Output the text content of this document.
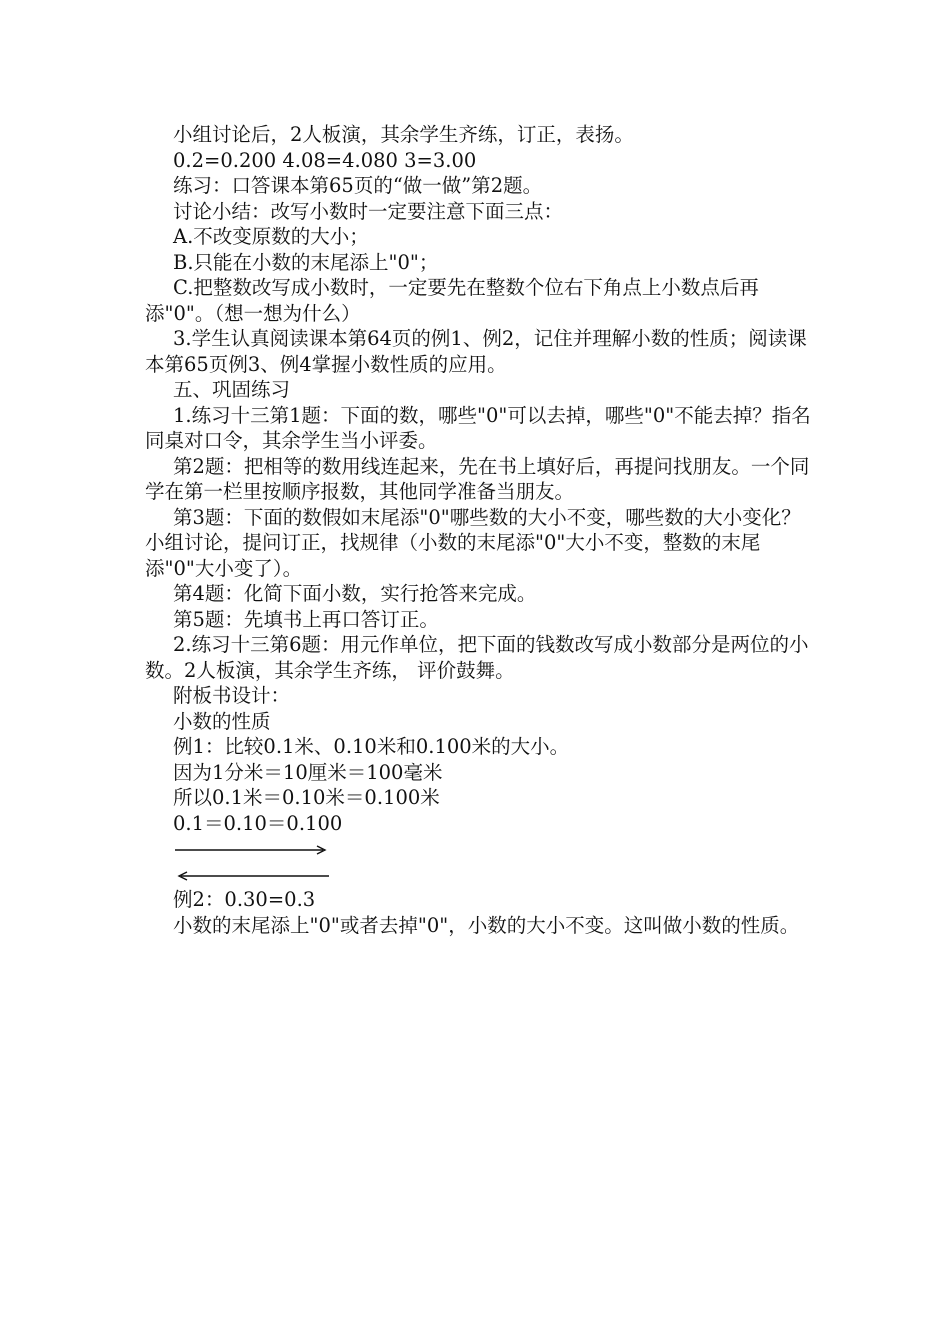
小组讨论后，2人板演，其余学生齐练，订正，表扬。

0.2=0.200 4.08=4.080 3=3.00

练习：口答课本第65页的“做一做”第2题。

讨论小结：改写小数时一定要注意下面三点：

A.不改变原数的大小；

B.只能在小数的末尾添上"0"；

C.把整数改写成小数时，一定要先在整数个位右下角点上小数点后再添"0"。（想一想为什么）

3.学生认真阅读课本第64页的例1、例2，记住并理解小数的性质；阅读课本第65页例3、例4掌握小数性质的应用。

五、巩固练习

1.练习十三第1题：下面的数，哪些"0"可以去掉，哪些"0"不能去掉？指名同桌对口令，其余学生当小评委。

第2题：把相等的数用线连起来，先在书上填好后，再提问找朋友。一个同学在第一栏里按顺序报数，其他同学准备当朋友。

第3题：下面的数假如末尾添"0"哪些数的大小不变，哪些数的大小变化？小组讨论，提问订正，找规律（小数的末尾添"0"大小不变，整数的末尾添"0"大小变了）。

第4题：化简下面小数，实行抢答来完成。

第5题：先填书上再口答订正。

2.练习十三第6题：用元作单位，把下面的钱数改写成小数部分是两位的小数。2人板演，其余学生齐练， 评价鼓舞。

附板书设计：

小数的性质

例1：比较0.1米、0.10米和0.100米的大小。

因为1分米＝10厘米＝100毫米

所以0.1米＝0.10米＝0.100米

0.1＝0.10＝0.100

例2：0.30=0.3

小数的末尾添上"0"或者去掉"0"，小数的大小不变。这叫做小数的性质。
